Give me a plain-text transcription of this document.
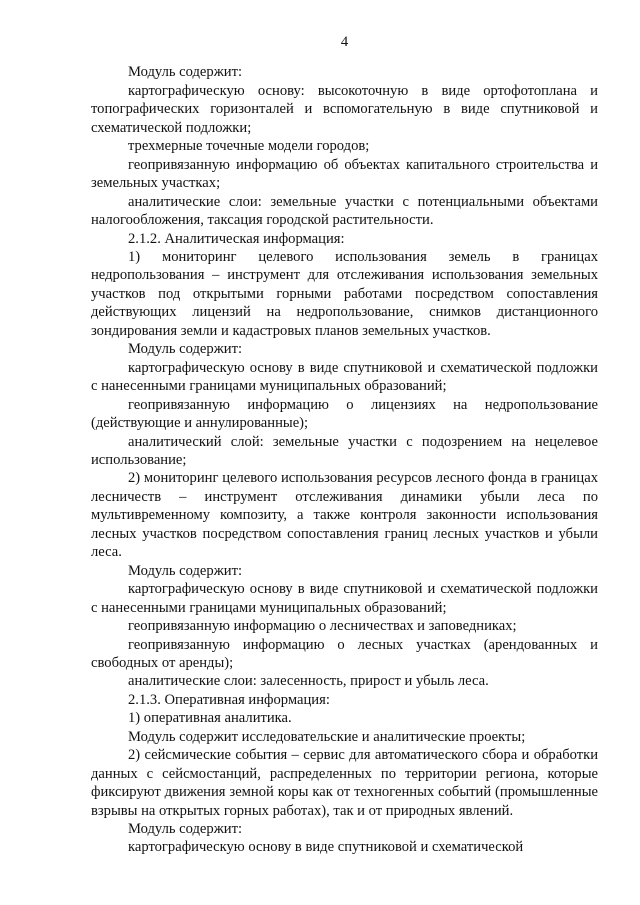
4

Модуль содержит:

картографическую основу: высокоточную в виде ортофотоплана и топографических горизонталей и вспомогательную в виде спутниковой и схематической подложки;

трехмерные точечные модели городов;

геопривязанную информацию об объектах капитального строительства и земельных участках;

аналитические слои: земельные участки с потенциальными объектами налогообложения, таксация городской растительности.

2.1.2. Аналитическая информация:

1) мониторинг целевого использования земель в границах недропользования – инструмент для отслеживания использования земельных участков под открытыми горными работами посредством сопоставления действующих лицензий на недропользование, снимков дистанционного зондирования земли и кадастровых планов земельных участков.

Модуль содержит:

картографическую основу в виде спутниковой и схематической подложки с нанесенными границами муниципальных образований;

геопривязанную информацию о лицензиях на недропользование (действующие и аннулированные);

аналитический слой: земельные участки с подозрением на нецелевое использование;

2) мониторинг целевого использования ресурсов лесного фонда в границах лесничеств – инструмент отслеживания динамики убыли леса по мультивременному композиту, а также контроля законности использования лесных участков посредством сопоставления границ лесных участков и убыли леса.

Модуль содержит:

картографическую основу в виде спутниковой и схематической подложки с нанесенными границами муниципальных образований;

геопривязанную информацию о лесничествах и заповедниках;

геопривязанную информацию о лесных участках (арендованных и свободных от аренды);

аналитические слои: залесенность, прирост и убыль леса.

2.1.3. Оперативная информация:

1) оперативная аналитика.

Модуль содержит исследовательские и аналитические проекты;

2) сейсмические события – сервис для автоматического сбора и обработки данных с сейсмостанций, распределенных по территории региона, которые фиксируют движения земной коры как от техногенных событий (промышленные взрывы на открытых горных работах), так и от природных явлений.

Модуль содержит:

картографическую основу в виде спутниковой и схематической
